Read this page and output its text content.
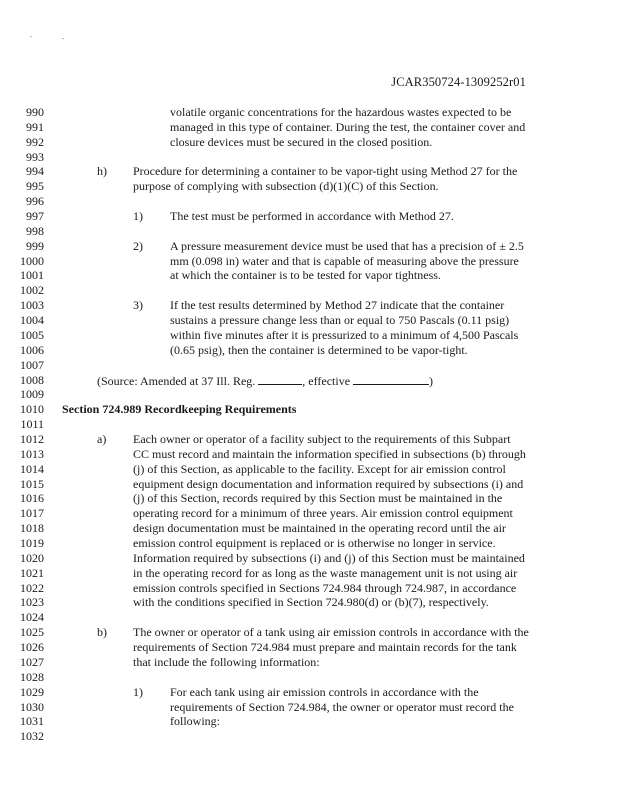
JCAR350724-1309252r01
990
991
992
993
994
995
996
997
998
999
1000
1001
1002
1003
1004
1005
1006
1007
1008
1009
1010
1011
1012
1013
1014
1015
1016
1017
1018
1019
1020
1021
1022
1023
1024
1025
1026
1027
1028
1029
1030
1031
1032
volatile organic concentrations for the hazardous wastes expected to be
managed in this type of container. During the test, the container cover and
closure devices must be secured in the closed position.
h) Procedure for determining a container to be vapor-tight using Method 27 for the
purpose of complying with subsection (d)(1)(C) of this Section.
1) The test must be performed in accordance with Method 27.
2) A pressure measurement device must be used that has a precision of ± 2.5
mm (0.098 in) water and that is capable of measuring above the pressure
at which the container is to be tested for vapor tightness.
3) If the test results determined by Method 27 indicate that the container
sustains a pressure change less than or equal to 750 Pascals (0.11 psig)
within five minutes after it is pressurized to a minimum of 4,500 Pascals
(0.65 psig), then the container is determined to be vapor-tight.
(Source: Amended at 37 Ill. Reg.	, effective	)
Section 724.989 Recordkeeping Requirements
a) Each owner or operator of a facility subject to the requirements of this Subpart
CC must record and maintain the information specified in subsections (b) through
(j) of this Section, as applicable to the facility. Except for air emission control
equipment design documentation and information required by subsections (i) and
(j) of this Section, records required by this Section must be maintained in the
operating record for a minimum of three years. Air emission control equipment
design documentation must be maintained in the operating record until the air
emission control equipment is replaced or is otherwise no longer in service.
Information required by subsections (i) and (j) of this Section must be maintained
in the operating record for as long as the waste management unit is not using air
emission controls specified in Sections 724.984 through 724.987, in accordance
with the conditions specified in Section 724.980(d) or (b)(7), respectively.
b) The owner or operator of a tank using air emission controls in accordance with the
requirements of Section 724.984 must prepare and maintain records for the tank
that include the following information:
1) For each tank using air emission controls in accordance with the
requirements of Section 724.984, the owner or operator must record the
following:
